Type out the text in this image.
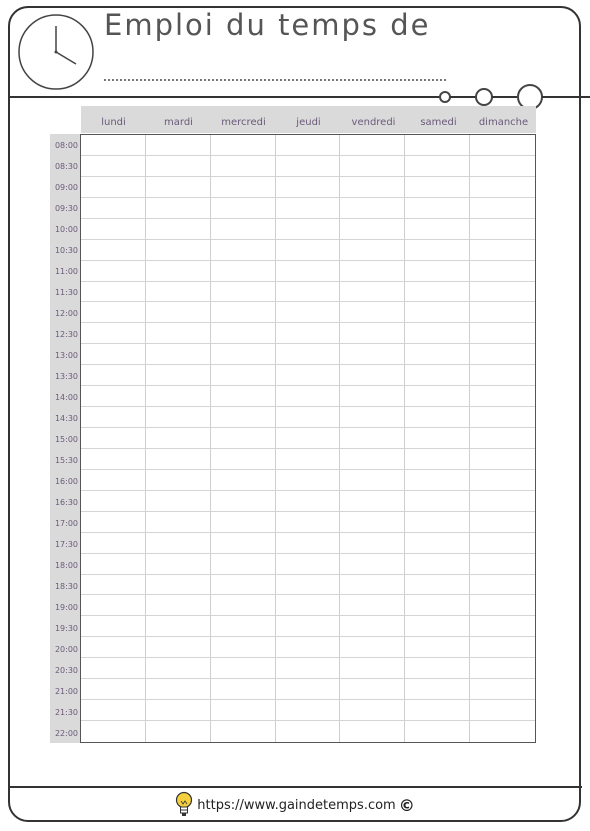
Emploi du temps de
lundi	mardi	mercredi	jeudi	vendredi	samedi	dimanche
08:00
08:30
09:00
09:30
10:00
10:30
11:00
11:30
12:00
12:30
13:00
13:30
14:00
14:30
15:00
15:30
16:00
16:30
17:00
17:30
18:00
18:30
19:00
19:30
20:00
20:30
21:00
21:30
22:00
https://www.gaindetemps.com ©
